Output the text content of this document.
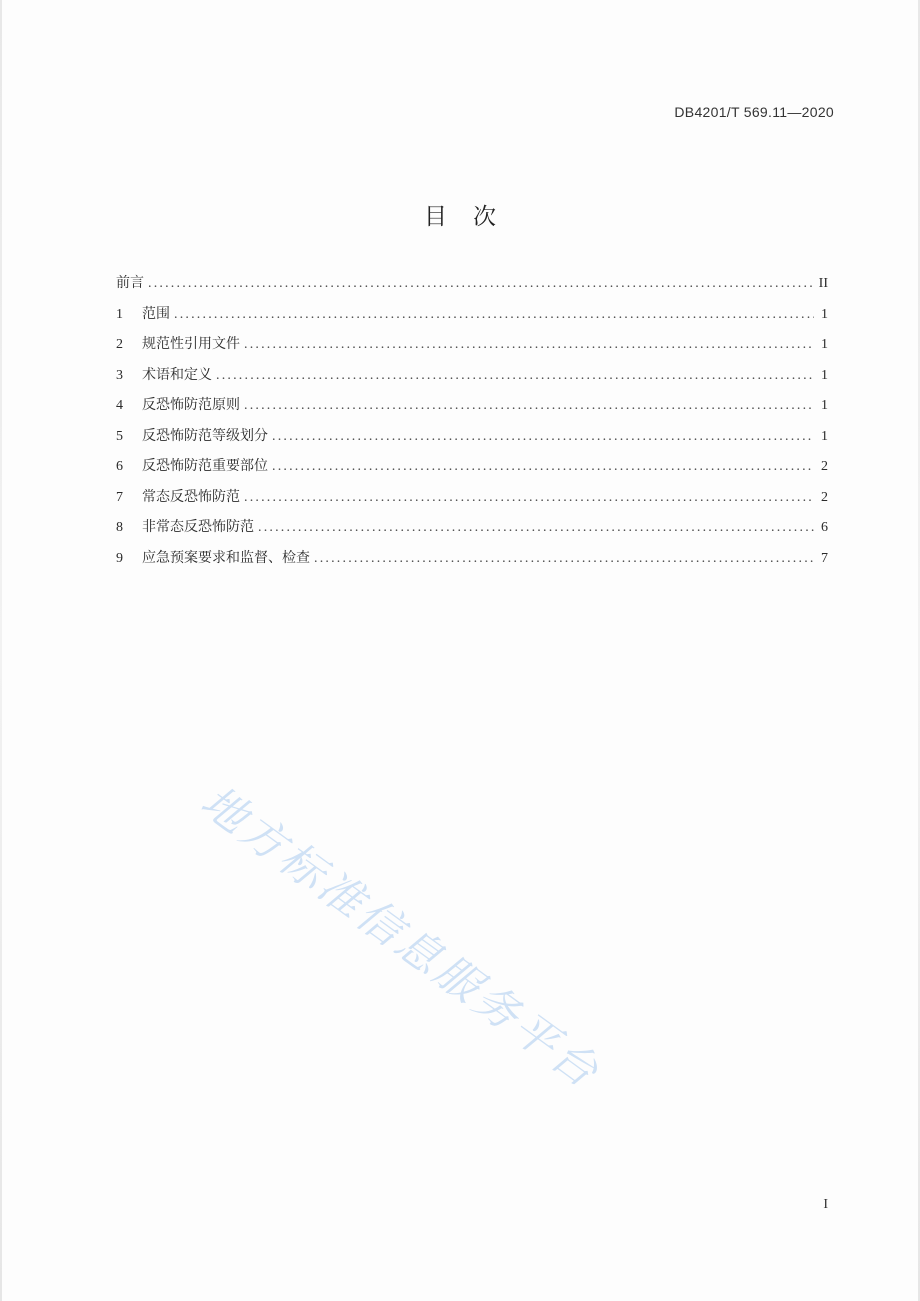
DB4201/T 569.11—2020
目次
前言 .....	II
1	范围 .....	1
2	规范性引用文件 .....	1
3	术语和定义 .....	1
4	反恐怖防范原则 .....	1
5	反恐怖防范等级划分 .....	1
6	反恐怖防范重要部位 .....	2
7	常态反恐怖防范 .....	2
8	非常态反恐怖防范 .....	6
9	应急预案要求和监督、检查 .....	7
地方标准信息服务平台
I
